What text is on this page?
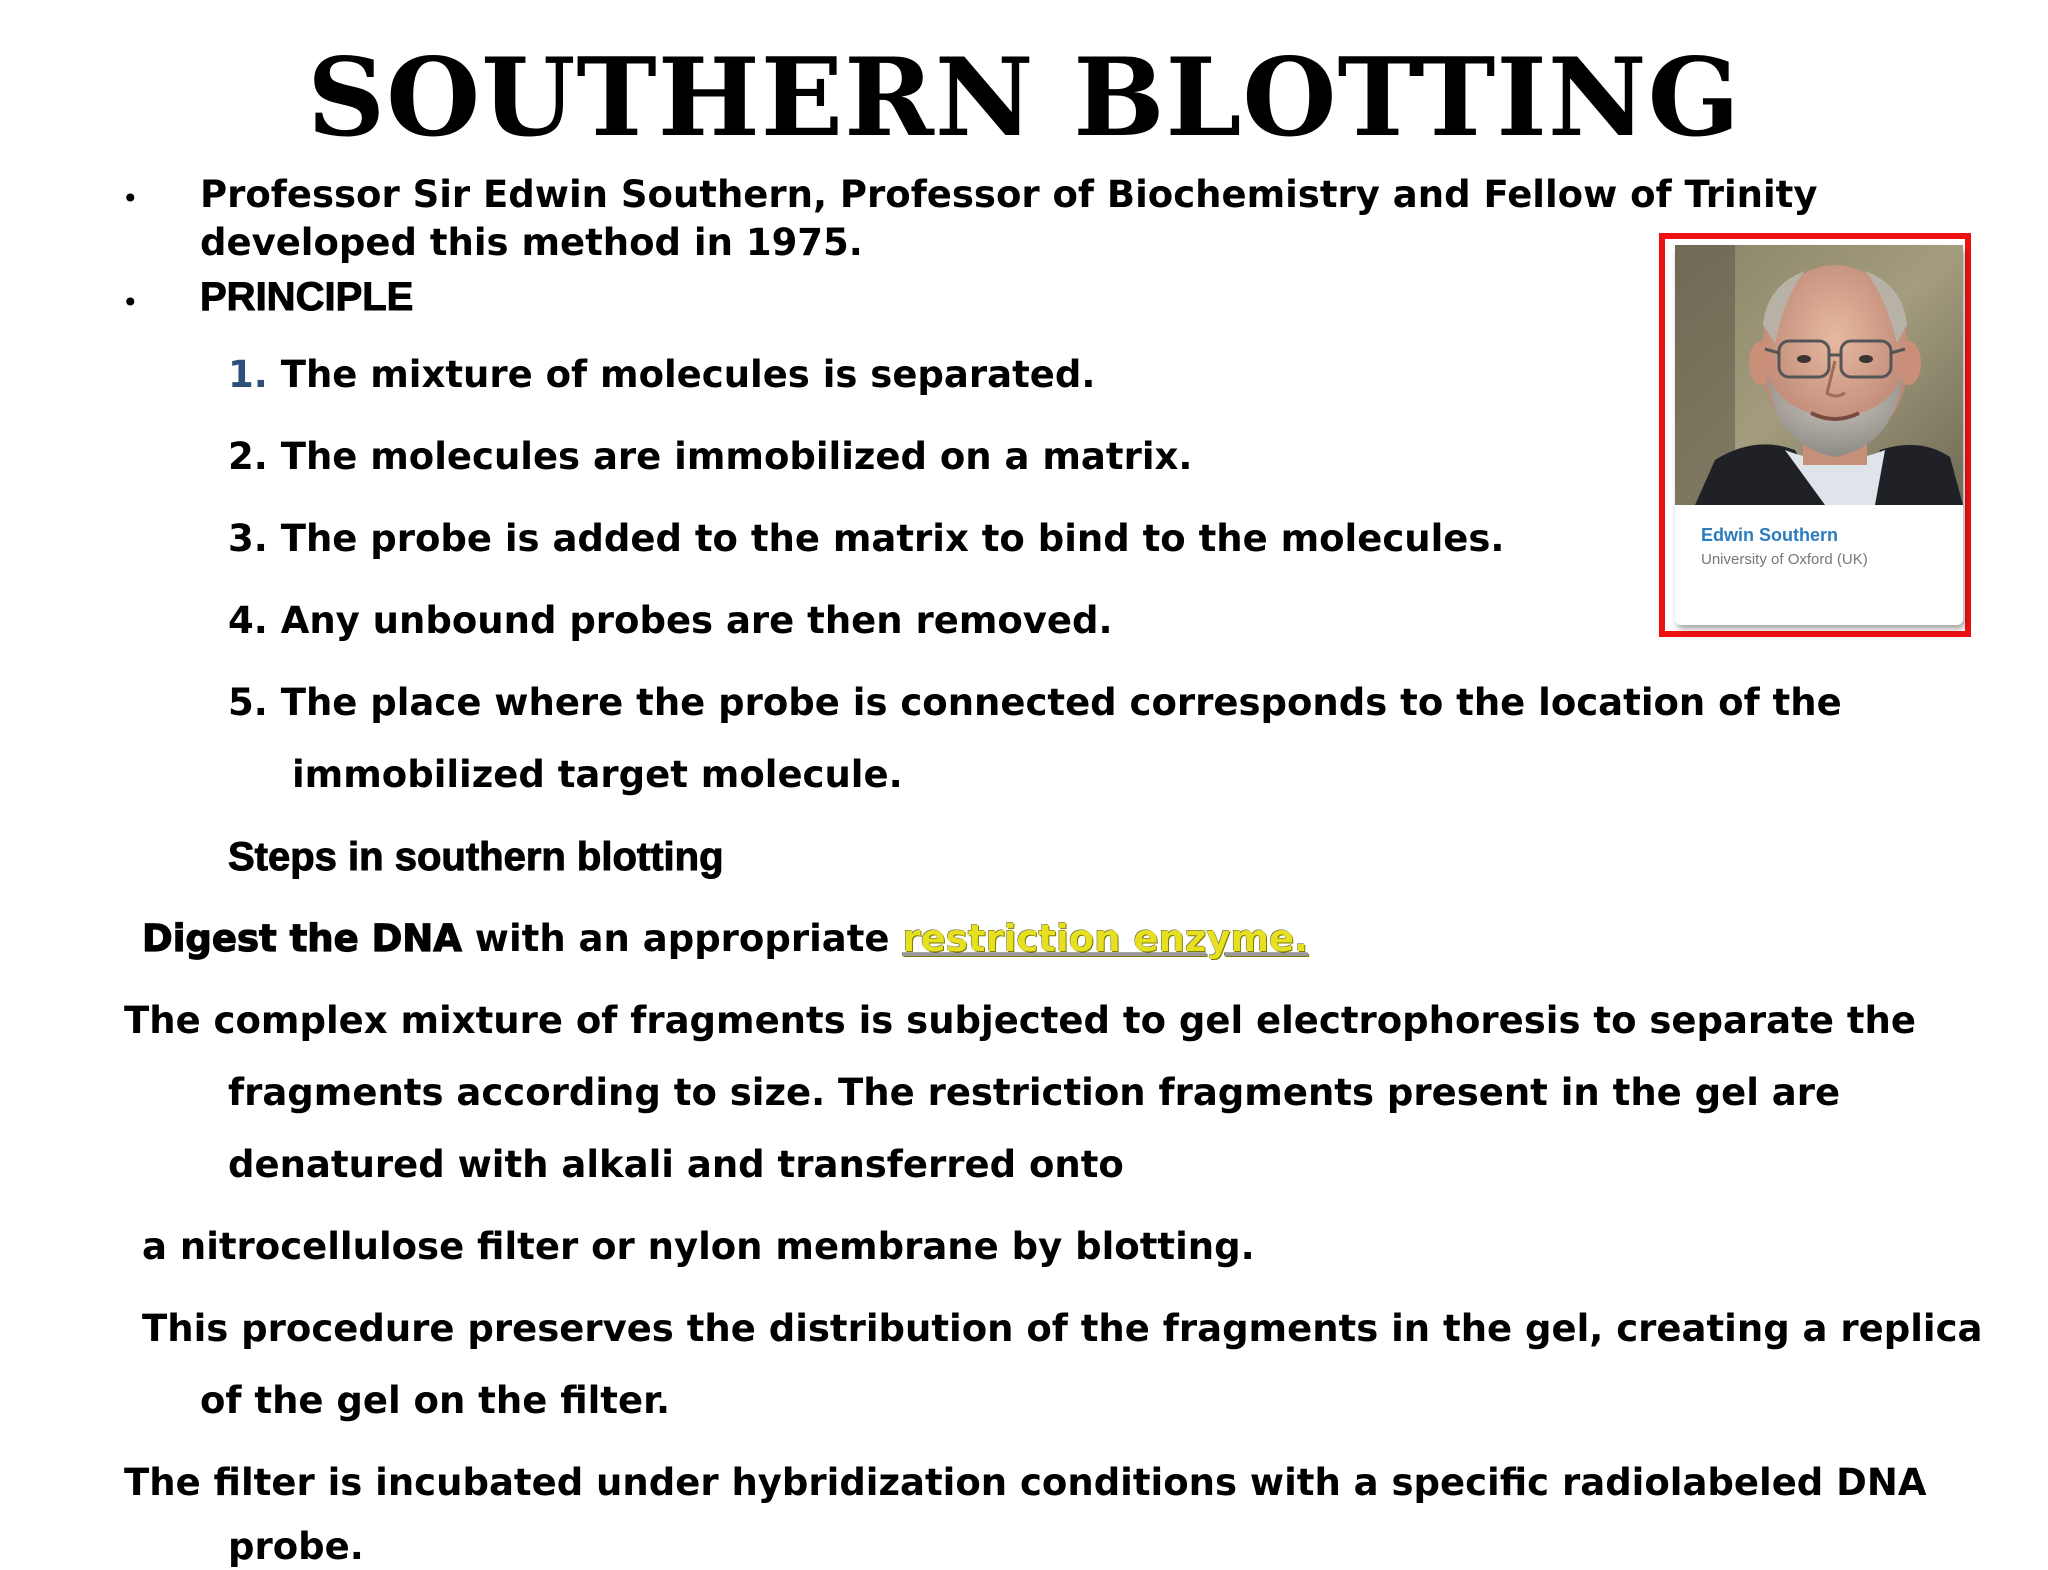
SOUTHERN BLOTTING
• Professor Sir Edwin Southern, Professor of Biochemistry and Fellow of Trinity

developed this method in 1975.

• PRINCIPLE

1. The mixture of molecules is separated.

2. The molecules are immobilized on a matrix.

3. The probe is added to the matrix to bind to the molecules.

4. Any unbound probes are then removed.

5. The place where the probe is connected corresponds to the location of the

immobilized target molecule.

Steps in southern blotting

Digest the DNA with an appropriate restriction enzyme.

The complex mixture of fragments is subjected to gel electrophoresis to separate the

fragments according to size. The restriction fragments present in the gel are

denatured with alkali and transferred onto

a nitrocellulose filter or nylon membrane by blotting.

This procedure preserves the distribution of the fragments in the gel, creating a replica

of the gel on the filter.

The filter is incubated under hybridization conditions with a specific radiolabeled DNA

probe.

Edwin Southern
University of Oxford (UK)
